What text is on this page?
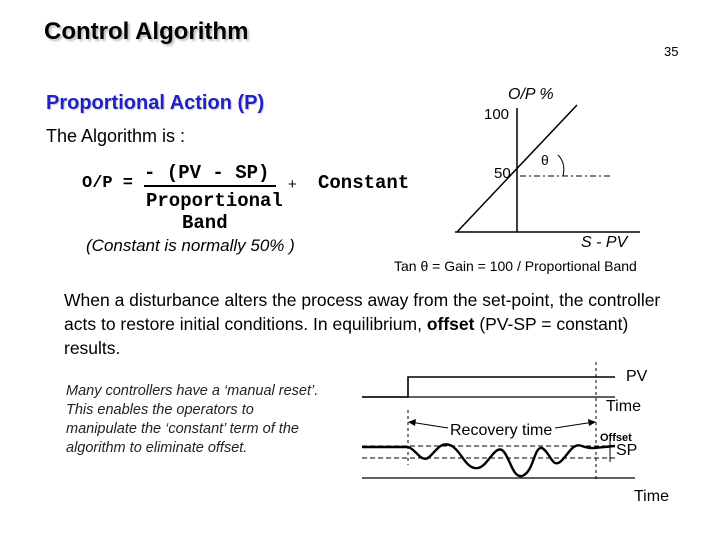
Control Algorithm
35
Proportional Action (P)
The Algorithm is :
O/P = - (PV - SP)
Proportional
Band
+ Constant
(Constant is normally 50% )
O/P %
100
50
θ
S - PV
Tan θ = Gain = 100 / Proportional Band

When a disturbance alters the process away from the set-point, the controller acts to restore initial conditions. In equilibrium, offset (PV-SP = constant) results.

Many controllers have a ‘manual reset’. This enables the operators to manipulate the ‘constant’ term of the algorithm to eliminate offset.
PV
Time
Recovery time	Offset
SP
Time
